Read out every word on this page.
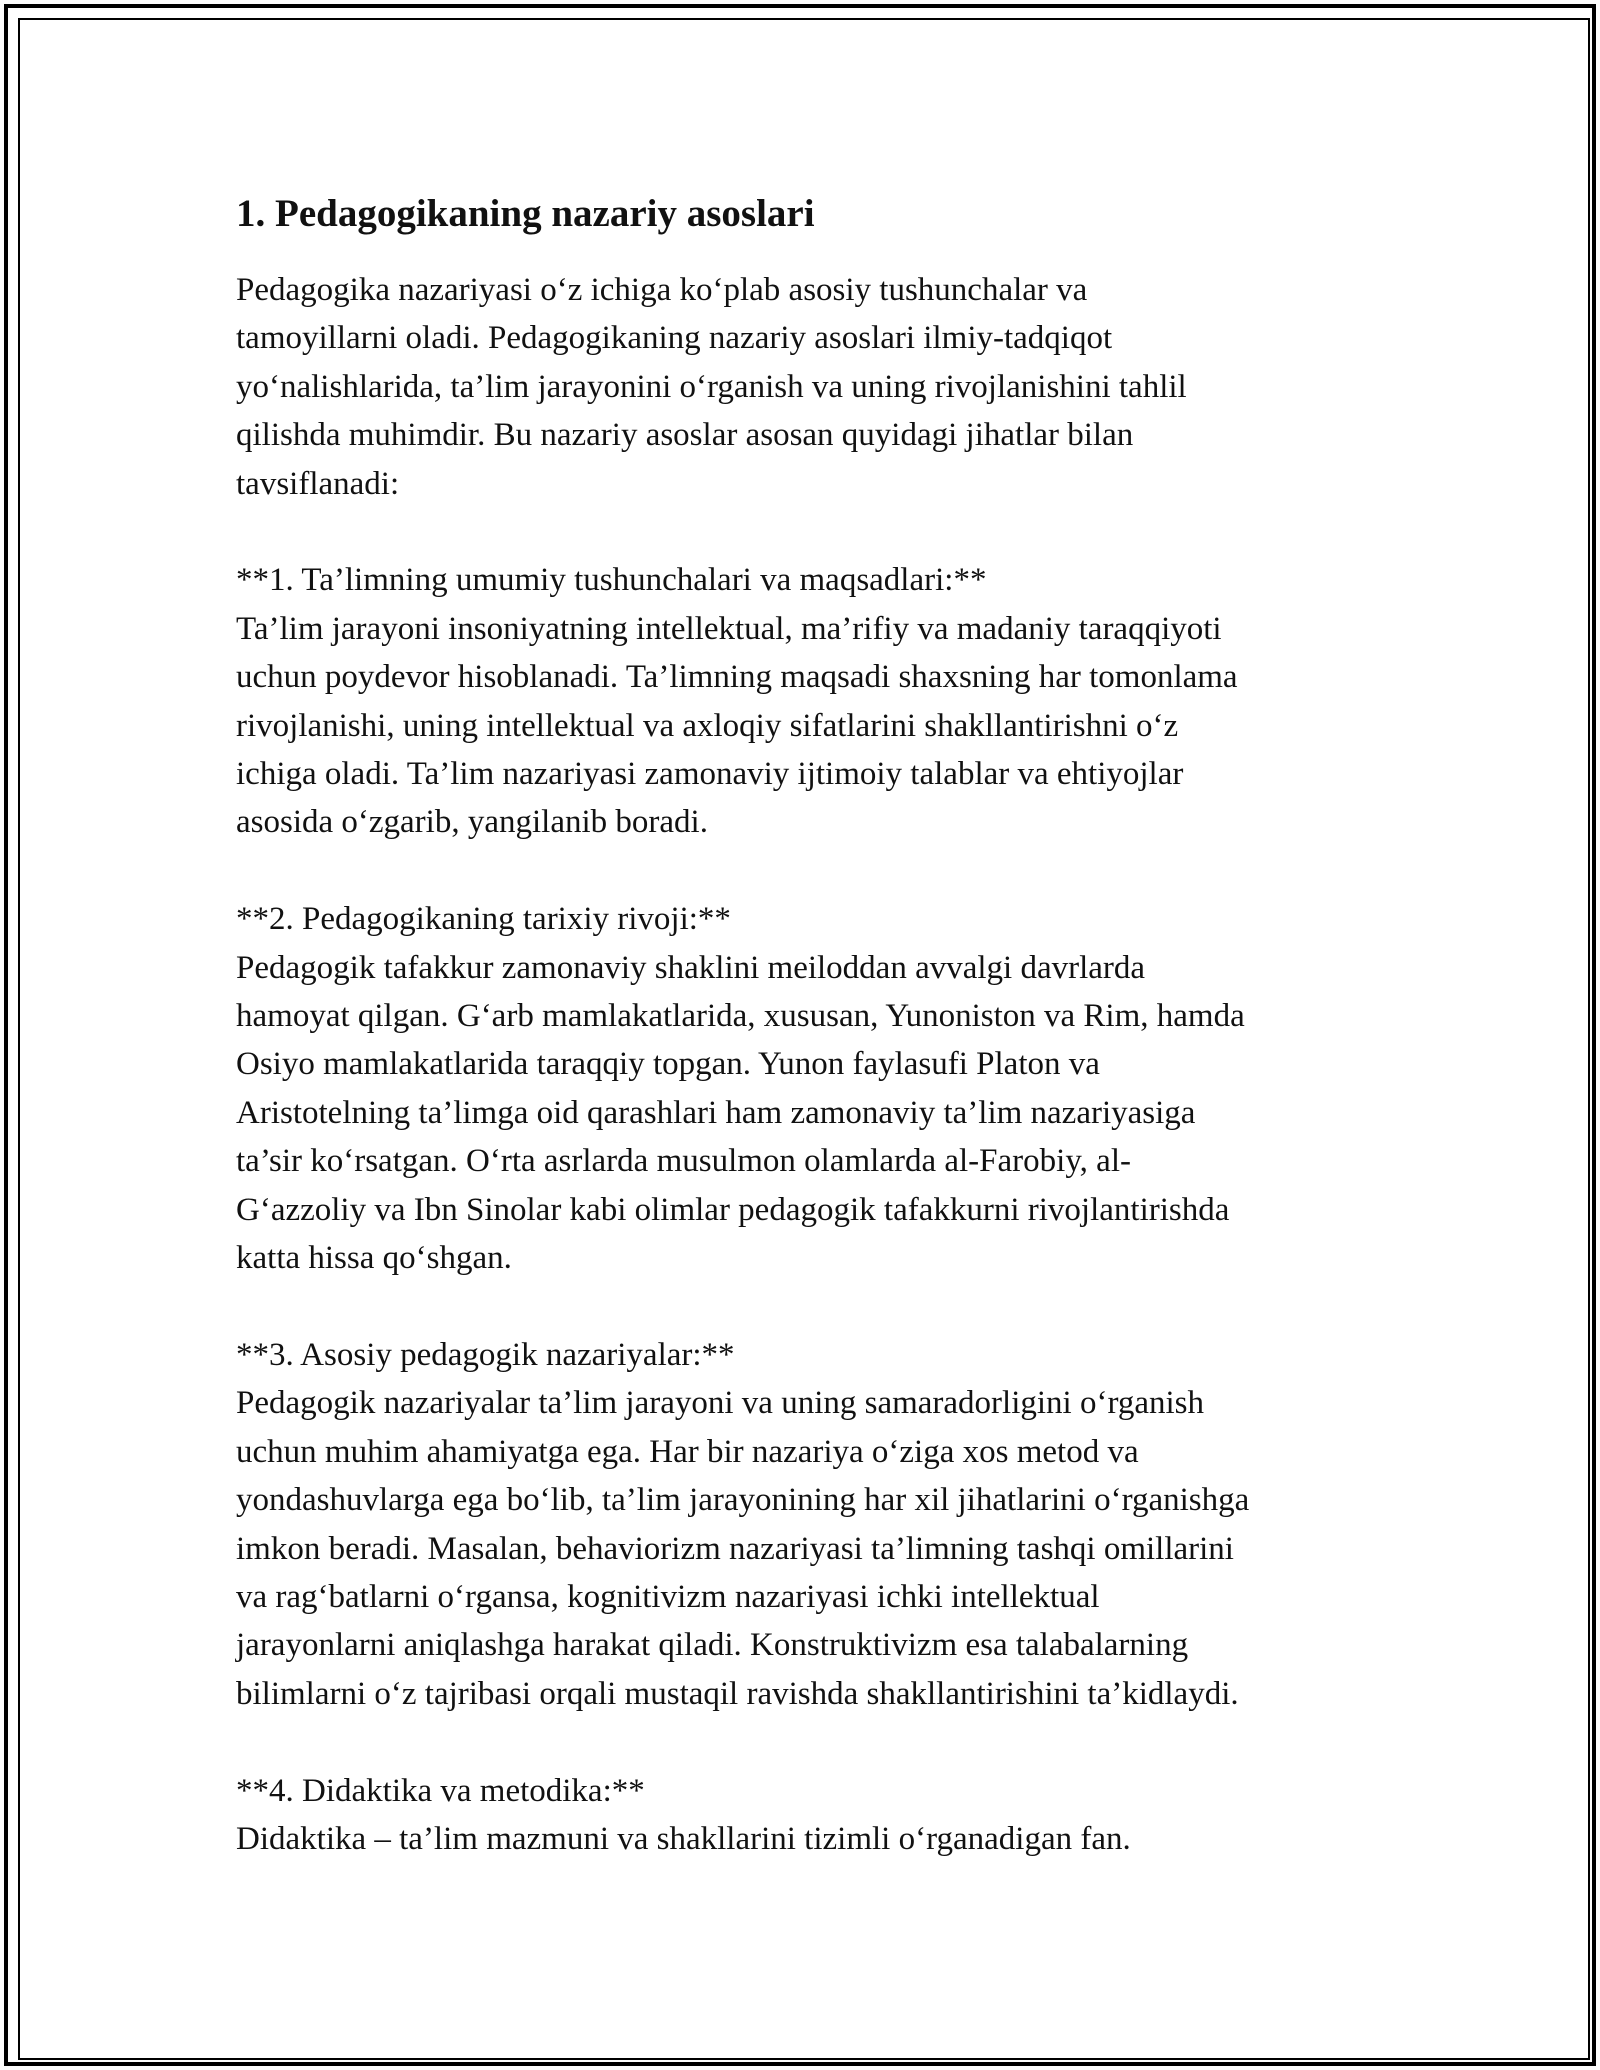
1. Pedagogikaning nazariy asoslari
Pedagogika nazariyasi o‘z ichiga ko‘plab asosiy tushunchalar va
tamoyillarni oladi. Pedagogikaning nazariy asoslari ilmiy-tadqiqot
yo‘nalishlarida, ta’lim jarayonini o‘rganish va uning rivojlanishini tahlil
qilishda muhimdir. Bu nazariy asoslar asosan quyidagi jihatlar bilan
tavsiflanadi:
**1. Ta’limning umumiy tushunchalari va maqsadlari:**
Ta’lim jarayoni insoniyatning intellektual, ma’rifiy va madaniy taraqqiyoti
uchun poydevor hisoblanadi. Ta’limning maqsadi shaxsning har tomonlama
rivojlanishi, uning intellektual va axloqiy sifatlarini shakllantirishni o‘z
ichiga oladi. Ta’lim nazariyasi zamonaviy ijtimoiy talablar va ehtiyojlar
asosida o‘zgarib, yangilanib boradi.
**2. Pedagogikaning tarixiy rivoji:**
Pedagogik tafakkur zamonaviy shaklini meiloddan avvalgi davrlarda
hamoyat qilgan. G‘arb mamlakatlarida, xususan, Yunoniston va Rim, hamda
Osiyo mamlakatlarida taraqqiy topgan. Yunon faylasufi Platon va
Aristotelning ta’limga oid qarashlari ham zamonaviy ta’lim nazariyasiga
ta’sir ko‘rsatgan. O‘rta asrlarda musulmon olamlarda al-Farobiy, al-
G‘azzoliy va Ibn Sinolar kabi olimlar pedagogik tafakkurni rivojlantirishda
katta hissa qo‘shgan.
**3. Asosiy pedagogik nazariyalar:**
Pedagogik nazariyalar ta’lim jarayoni va uning samaradorligini o‘rganish
uchun muhim ahamiyatga ega. Har bir nazariya o‘ziga xos metod va
yondashuvlarga ega bo‘lib, ta’lim jarayonining har xil jihatlarini o‘rganishga
imkon beradi. Masalan, behaviorizm nazariyasi ta’limning tashqi omillarini
va rag‘batlarni o‘rgansa, kognitivizm nazariyasi ichki intellektual
jarayonlarni aniqlashga harakat qiladi. Konstruktivizm esa talabalarning
bilimlarni o‘z tajribasi orqali mustaqil ravishda shakllantirishini ta’kidlaydi.
**4. Didaktika va metodika:**
Didaktika – ta’lim mazmuni va shakllarini tizimli o‘rganadigan fan.
